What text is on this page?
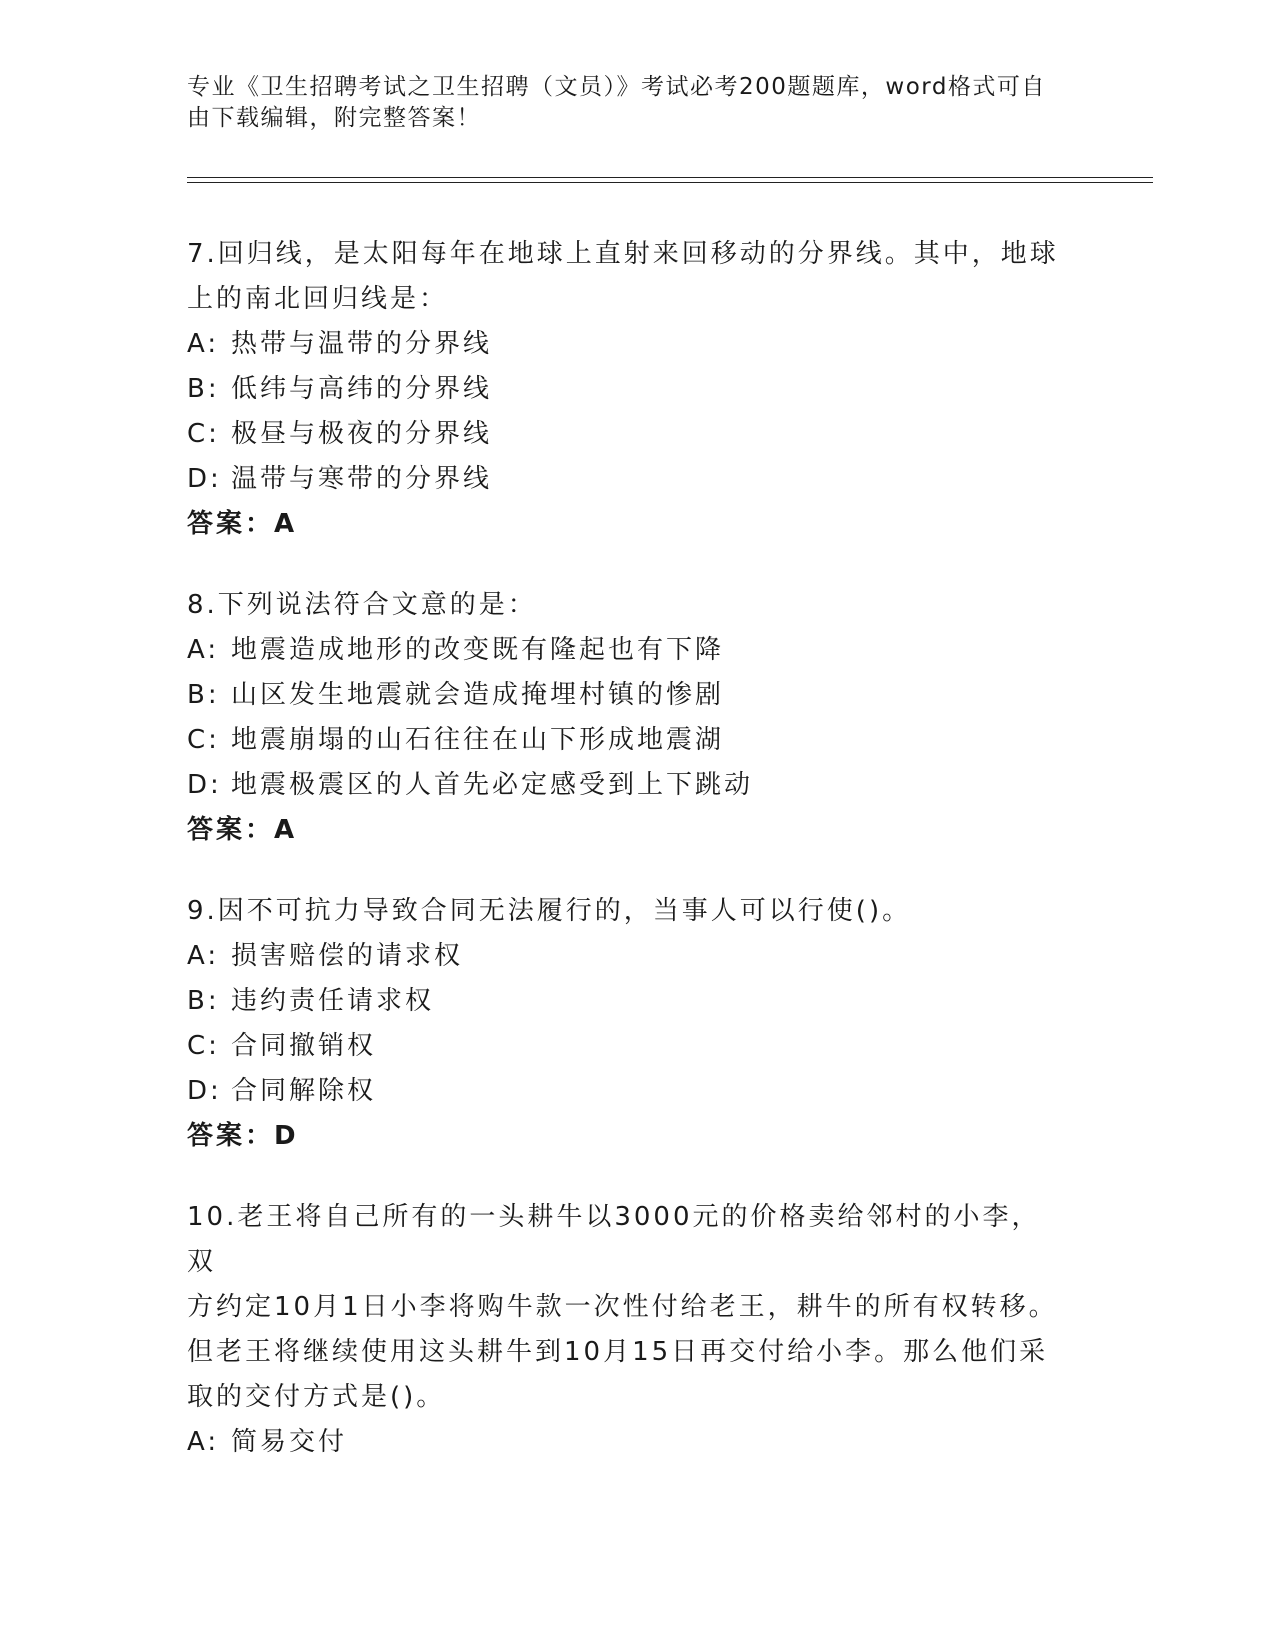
专业《卫生招聘考试之卫生招聘（文员）》考试必考200题题库，word格式可自
由下载编辑，附完整答案！
7.回归线，是太阳每年在地球上直射来回移动的分界线。其中，地球
上的南北回归线是：
A: 热带与温带的分界线
B: 低纬与高纬的分界线
C: 极昼与极夜的分界线
D: 温带与寒带的分界线
答案：A
8.下列说法符合文意的是：
A: 地震造成地形的改变既有隆起也有下降
B: 山区发生地震就会造成掩埋村镇的惨剧
C: 地震崩塌的山石往往在山下形成地震湖
D: 地震极震区的人首先必定感受到上下跳动
答案：A
9.因不可抗力导致合同无法履行的，当事人可以行使()。
A: 损害赔偿的请求权
B: 违约责任请求权
C: 合同撤销权
D: 合同解除权
答案：D
10.老王将自己所有的一头耕牛以3000元的价格卖给邻村的小李，双
方约定10月1日小李将购牛款一次性付给老王，耕牛的所有权转移。
但老王将继续使用这头耕牛到10月15日再交付给小李。那么他们采
取的交付方式是()。
A: 简易交付
